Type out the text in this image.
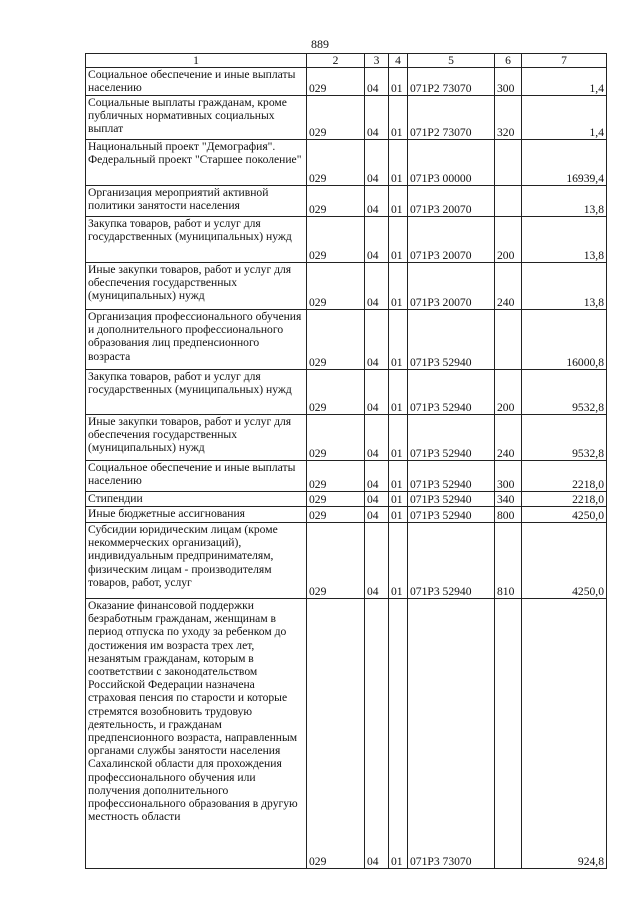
889
1	2	3	4	5	6	7
Социальное обеспечение и иные выплаты населению	029	04	01	071P2 73070	300	1,4
Социальные выплаты гражданам, кроме публичных нормативных социальных выплат	029	04	01	071P2 73070	320	1,4
Национальный проект "Демография". Федеральный проект "Старшее поколение"	029	04	01	071P3 00000		16939,4
Организация мероприятий активной политики занятости населения	029	04	01	071P3 20070		13,8
Закупка товаров, работ и услуг для государственных (муниципальных) нужд	029	04	01	071P3 20070	200	13,8
Иные закупки товаров, работ и услуг для обеспечения государственных (муниципальных) нужд	029	04	01	071P3 20070	240	13,8
Организация профессионального обучения и дополнительного профессионального образования лиц предпенсионного возраста	029	04	01	071P3 52940		16000,8
Закупка товаров, работ и услуг для государственных (муниципальных) нужд	029	04	01	071P3 52940	200	9532,8
Иные закупки товаров, работ и услуг для обеспечения государственных (муниципальных) нужд	029	04	01	071P3 52940	240	9532,8
Социальное обеспечение и иные выплаты населению	029	04	01	071P3 52940	300	2218,0
Стипендии	029	04	01	071P3 52940	340	2218,0
Иные бюджетные ассигнования	029	04	01	071P3 52940	800	4250,0
Субсидии юридическим лицам (кроме некоммерческих организаций), индивидуальным предпринимателям, физическим лицам - производителям товаров, работ, услуг	029	04	01	071P3 52940	810	4250,0
Оказание финансовой поддержки безработным гражданам, женщинам в период отпуска по уходу за ребенком до достижения им возраста трех лет, незанятым гражданам, которым в соответствии с законодательством Российской Федерации назначена страховая пенсия по старости и которые стремятся возобновить трудовую деятельность, и гражданам предпенсионного возраста, направленным органами службы занятости населения Сахалинской области для прохождения профессионального обучения или получения дополнительного профессионального образования в другую местность области	029	04	01	071P3 73070		924,8
